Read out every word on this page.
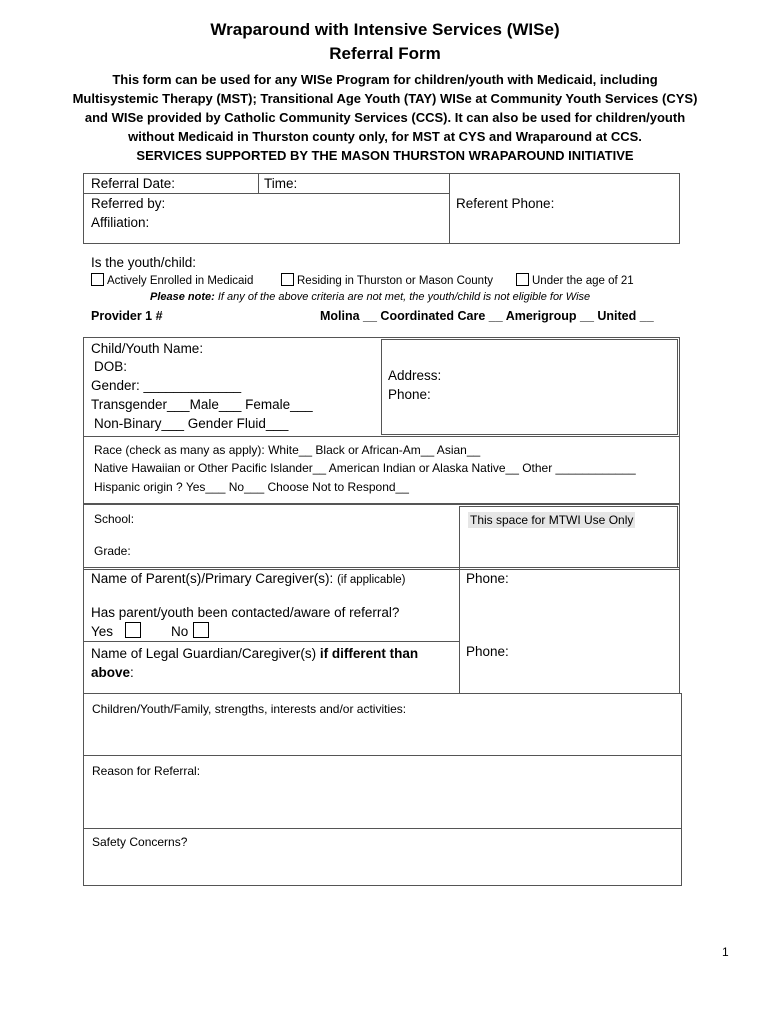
Wraparound with Intensive Services (WISe)
Referral Form
This form can be used for any WISe Program for children/youth with Medicaid, including
Multisystemic Therapy (MST); Transitional Age Youth (TAY) WISe at Community Youth Services (CYS)
and WISe provided by Catholic Community Services (CCS). It can also be used for children/youth
without Medicaid in Thurston county only, for MST at CYS and Wraparound at CCS.
SERVICES SUPPORTED BY THE MASON THURSTON WRAPAROUND INITIATIVE
Referral Date:	Time:
Referred by:
Affiliation:
Referent Phone:
Is the youth/child:
Actively Enrolled in Medicaid	Residing in Thurston or Mason County	Under the age of 21
Please note: If any of the above criteria are not met, the youth/child is not eligible for Wise
Provider 1 #	Molina __ Coordinated Care __ Amerigroup __ United __
Child/Youth Name:
DOB:
Gender: _____________
Transgender___Male___ Female___
Non-Binary___ Gender Fluid___
Address:
Phone:
Race (check as many as apply): White__ Black or African-Am__ Asian__
Native Hawaiian or Other Pacific Islander__ American Indian or Alaska Native__ Other ____________
Hispanic origin ? Yes___ No___ Choose Not to Respond__
School:
Grade:
This space for MTWI Use Only
Name of Parent(s)/Primary Caregiver(s): (if applicable)	Phone:
Has parent/youth been contacted/aware of referral?
Yes	No
Name of Legal Guardian/Caregiver(s) if different than
above:
Phone:
Children/Youth/Family, strengths, interests and/or activities:
Reason for Referral:
Safety Concerns?
1
